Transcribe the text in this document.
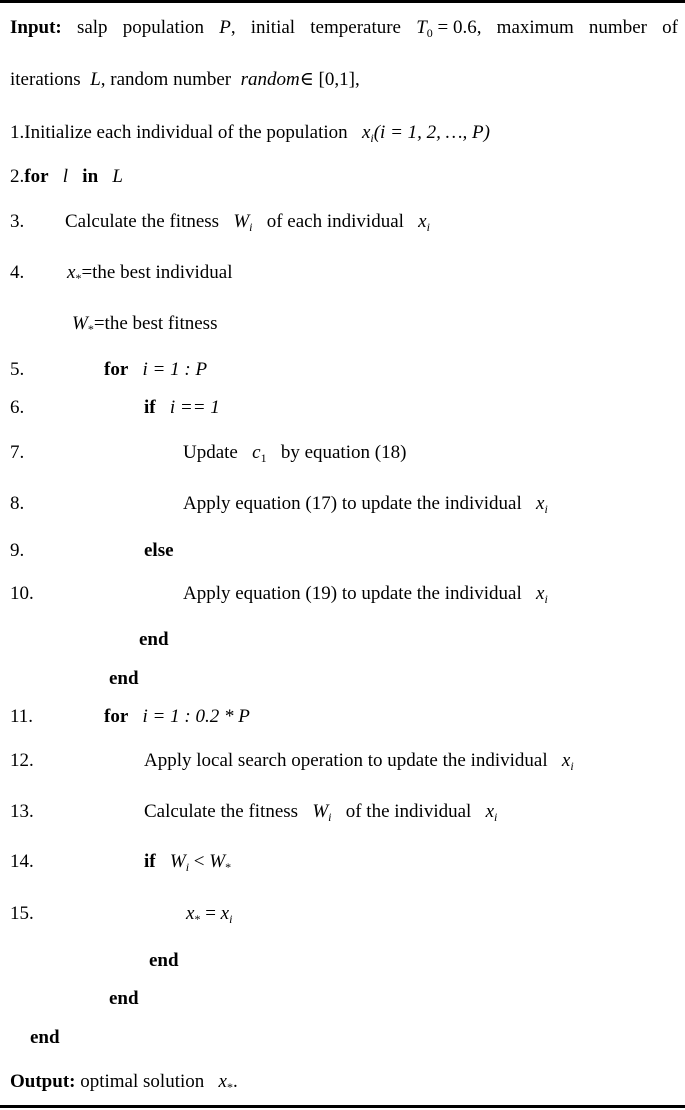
Input: salp population P, initial temperature $T_0 = 0.6$, maximum number of
iterations L, random number random∈ [0,1],
1.Initialize each individual of the population $x_i(i = 1$, 2, …, P)
2.for l in L
3. Calculate the fitness $W_i$ of each individual $x_i$
4. $x_*=the$ best individual
$W_*=the$ best fitness
5.	for i = 1 : P
6.	if i == 1
7.	Update $c_1$ by equation (18)
8.	Apply equation (17) to update the individual $x_i$
9.	else
10.	Apply equation (19) to update the individual $x_i$
end
end
11.	for i = 1 : 0.2 * P
12.	Apply local search operation to update the individual $x_i$
13.	Calculate the fitness $W_i$ of the individual $x_i$
14.	if $W_i < W_*$
15.	$x_* = x_i$
end
end
end
Output: optimal solution $x_*$.
